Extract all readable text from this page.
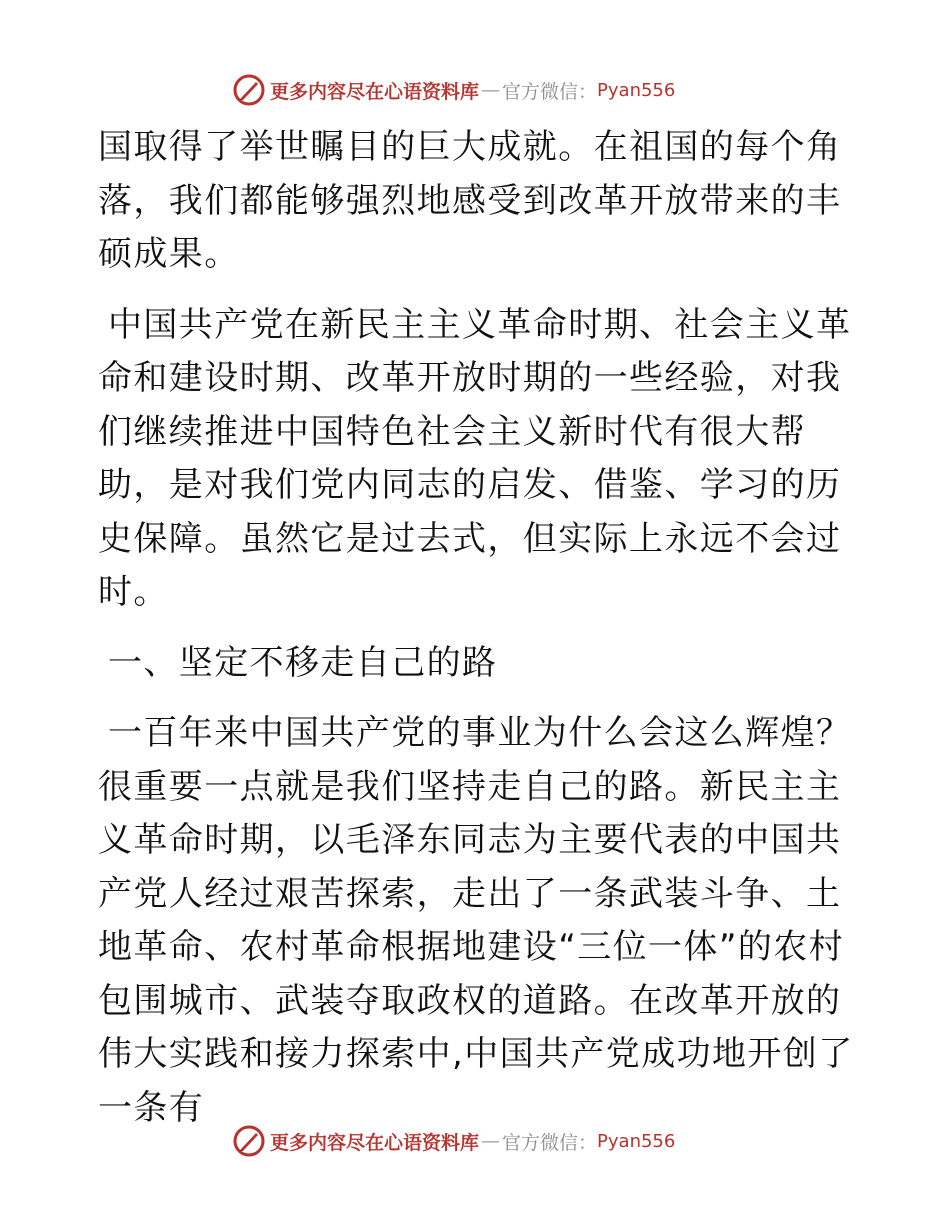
更多内容尽在心语资料库 — 官方微信： Pyan556

国取得了举世瞩目的巨大成就。在祖国的每个角落，我们都能够强烈地感受到改革开放带来的丰硕成果。

中国共产党在新民主主义革命时期、社会主义革命和建设时期、改革开放时期的一些经验，对我们继续推进中国特色社会主义新时代有很大帮助，是对我们党内同志的启发、借鉴、学习的历史保障。虽然它是过去式，但实际上永远不会过时。

一、坚定不移走自己的路

一百年来中国共产党的事业为什么会这么辉煌？很重要一点就是我们坚持走自己的路。新民主主义革命时期，以毛泽东同志为主要代表的中国共产党人经过艰苦探索，走出了一条武装斗争、土地革命、农村革命根据地建设“三位一体”的农村包围城市、武装夺取政权的道路。在改革开放的伟大实践和接力探索中,中国共产党成功地开创了一条有

更多内容尽在心语资料库 — 官方微信： Pyan556
